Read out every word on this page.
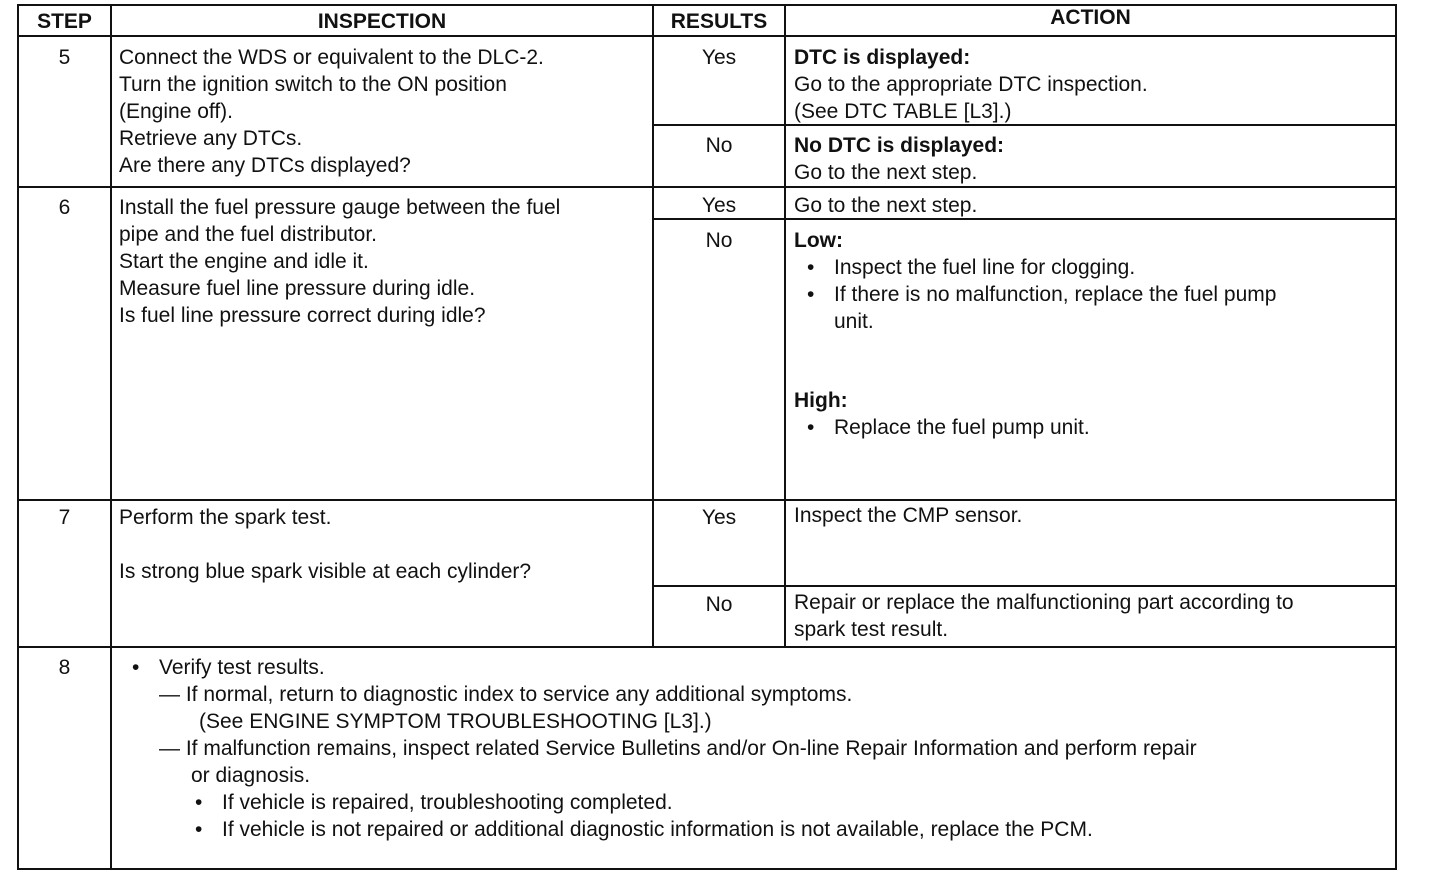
STEP	INSPECTION	RESULTS	ACTION
5	Connect the WDS or equivalent to the DLC-2.
Turn the ignition switch to the ON position
(Engine off).
Retrieve any DTCs.
Are there any DTCs displayed?
Yes	DTC is displayed:
Go to the appropriate DTC inspection.
(See DTC TABLE [L3].)
No	No DTC is displayed:
Go to the next step.
6	Install the fuel pressure gauge between the fuel
pipe and the fuel distributor.
Start the engine and idle it.
Measure fuel line pressure during idle.
Is fuel line pressure correct during idle?
Yes	Go to the next step.
No	Low:
• Inspect the fuel line for clogging.
• If there is no malfunction, replace the fuel pump
unit.
High:
• Replace the fuel pump unit.
7	Perform the spark test.
Is strong blue spark visible at each cylinder?
Yes	Inspect the CMP sensor.
No	Repair or replace the malfunctioning part according to
spark test result.
8
•	Verify test results.
— If normal, return to diagnostic index to service any additional symptoms.
(See ENGINE SYMPTOM TROUBLESHOOTING [L3].)
— If malfunction remains, inspect related Service Bulletins and/or On-line Repair Information and perform repair
or diagnosis.
• If vehicle is repaired, troubleshooting completed.
• If vehicle is not repaired or additional diagnostic information is not available, replace the PCM.
